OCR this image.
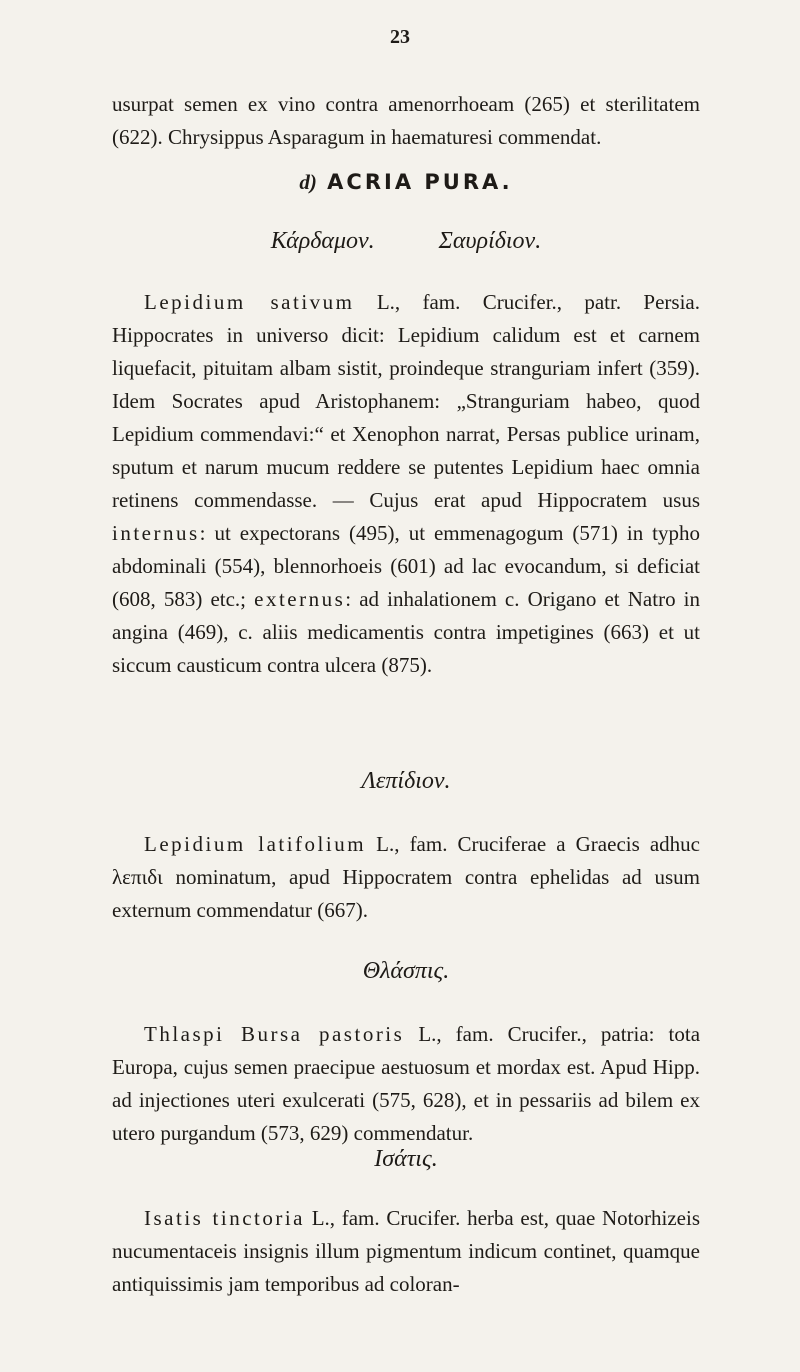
23
usurpat semen ex vino contra amenorrhoeam (265) et sterilitatem (622). Chrysippus Asparagum in haematuresi commendat.
d) ACRIA PURA.
Κάρδαμον.	Σαυρίδιον.
Lepidium sativum L., fam. Crucifer., patr. Persia. Hippocrates in universo dicit: Lepidium calidum est et carnem liquefacit, pituitam albam sistit, proindeque stranguriam infert (359). Idem Socrates apud Aristophanem: „Stranguriam habeo, quod Lepidium commendavi:“ et Xenophon narrat, Persas publice urinam, sputum et narum mucum reddere se putentes Lepidium haec omnia retinens commendasse. — Cujus erat apud Hippocratem usus internus: ut expectorans (495), ut emmenagogum (571) in typho abdominali (554), blennorhoeis (601) ad lac evocandum, si deficiat (608, 583) etc.; externus: ad inhalationem c. Origano et Natro in angina (469), c. aliis medicamentis contra impetigines (663) et ut siccum causticum contra ulcera (875).
Λεπίδιον.
Lepidium latifolium L., fam. Cruciferae a Graecis adhuc λεπιδι nominatum, apud Hippocratem contra ephelidas ad usum externum commendatur (667).
Θλάσπις.
Thlaspi Bursa pastoris L., fam. Crucifer., patria: tota Europa, cujus semen praecipue aestuosum et mordax est. Apud Hipp. ad injectiones uteri exulcerati (575, 628), et in pessariis ad bilem ex utero purgandum (573, 629) commendatur.
Ισάτις.
Isatis tinctoria L., fam. Crucifer. herba est, quae Notorhizeis nucumentaceis insignis illum pigmentum indicum continet, quamque antiquissimis jam temporibus ad coloran-
